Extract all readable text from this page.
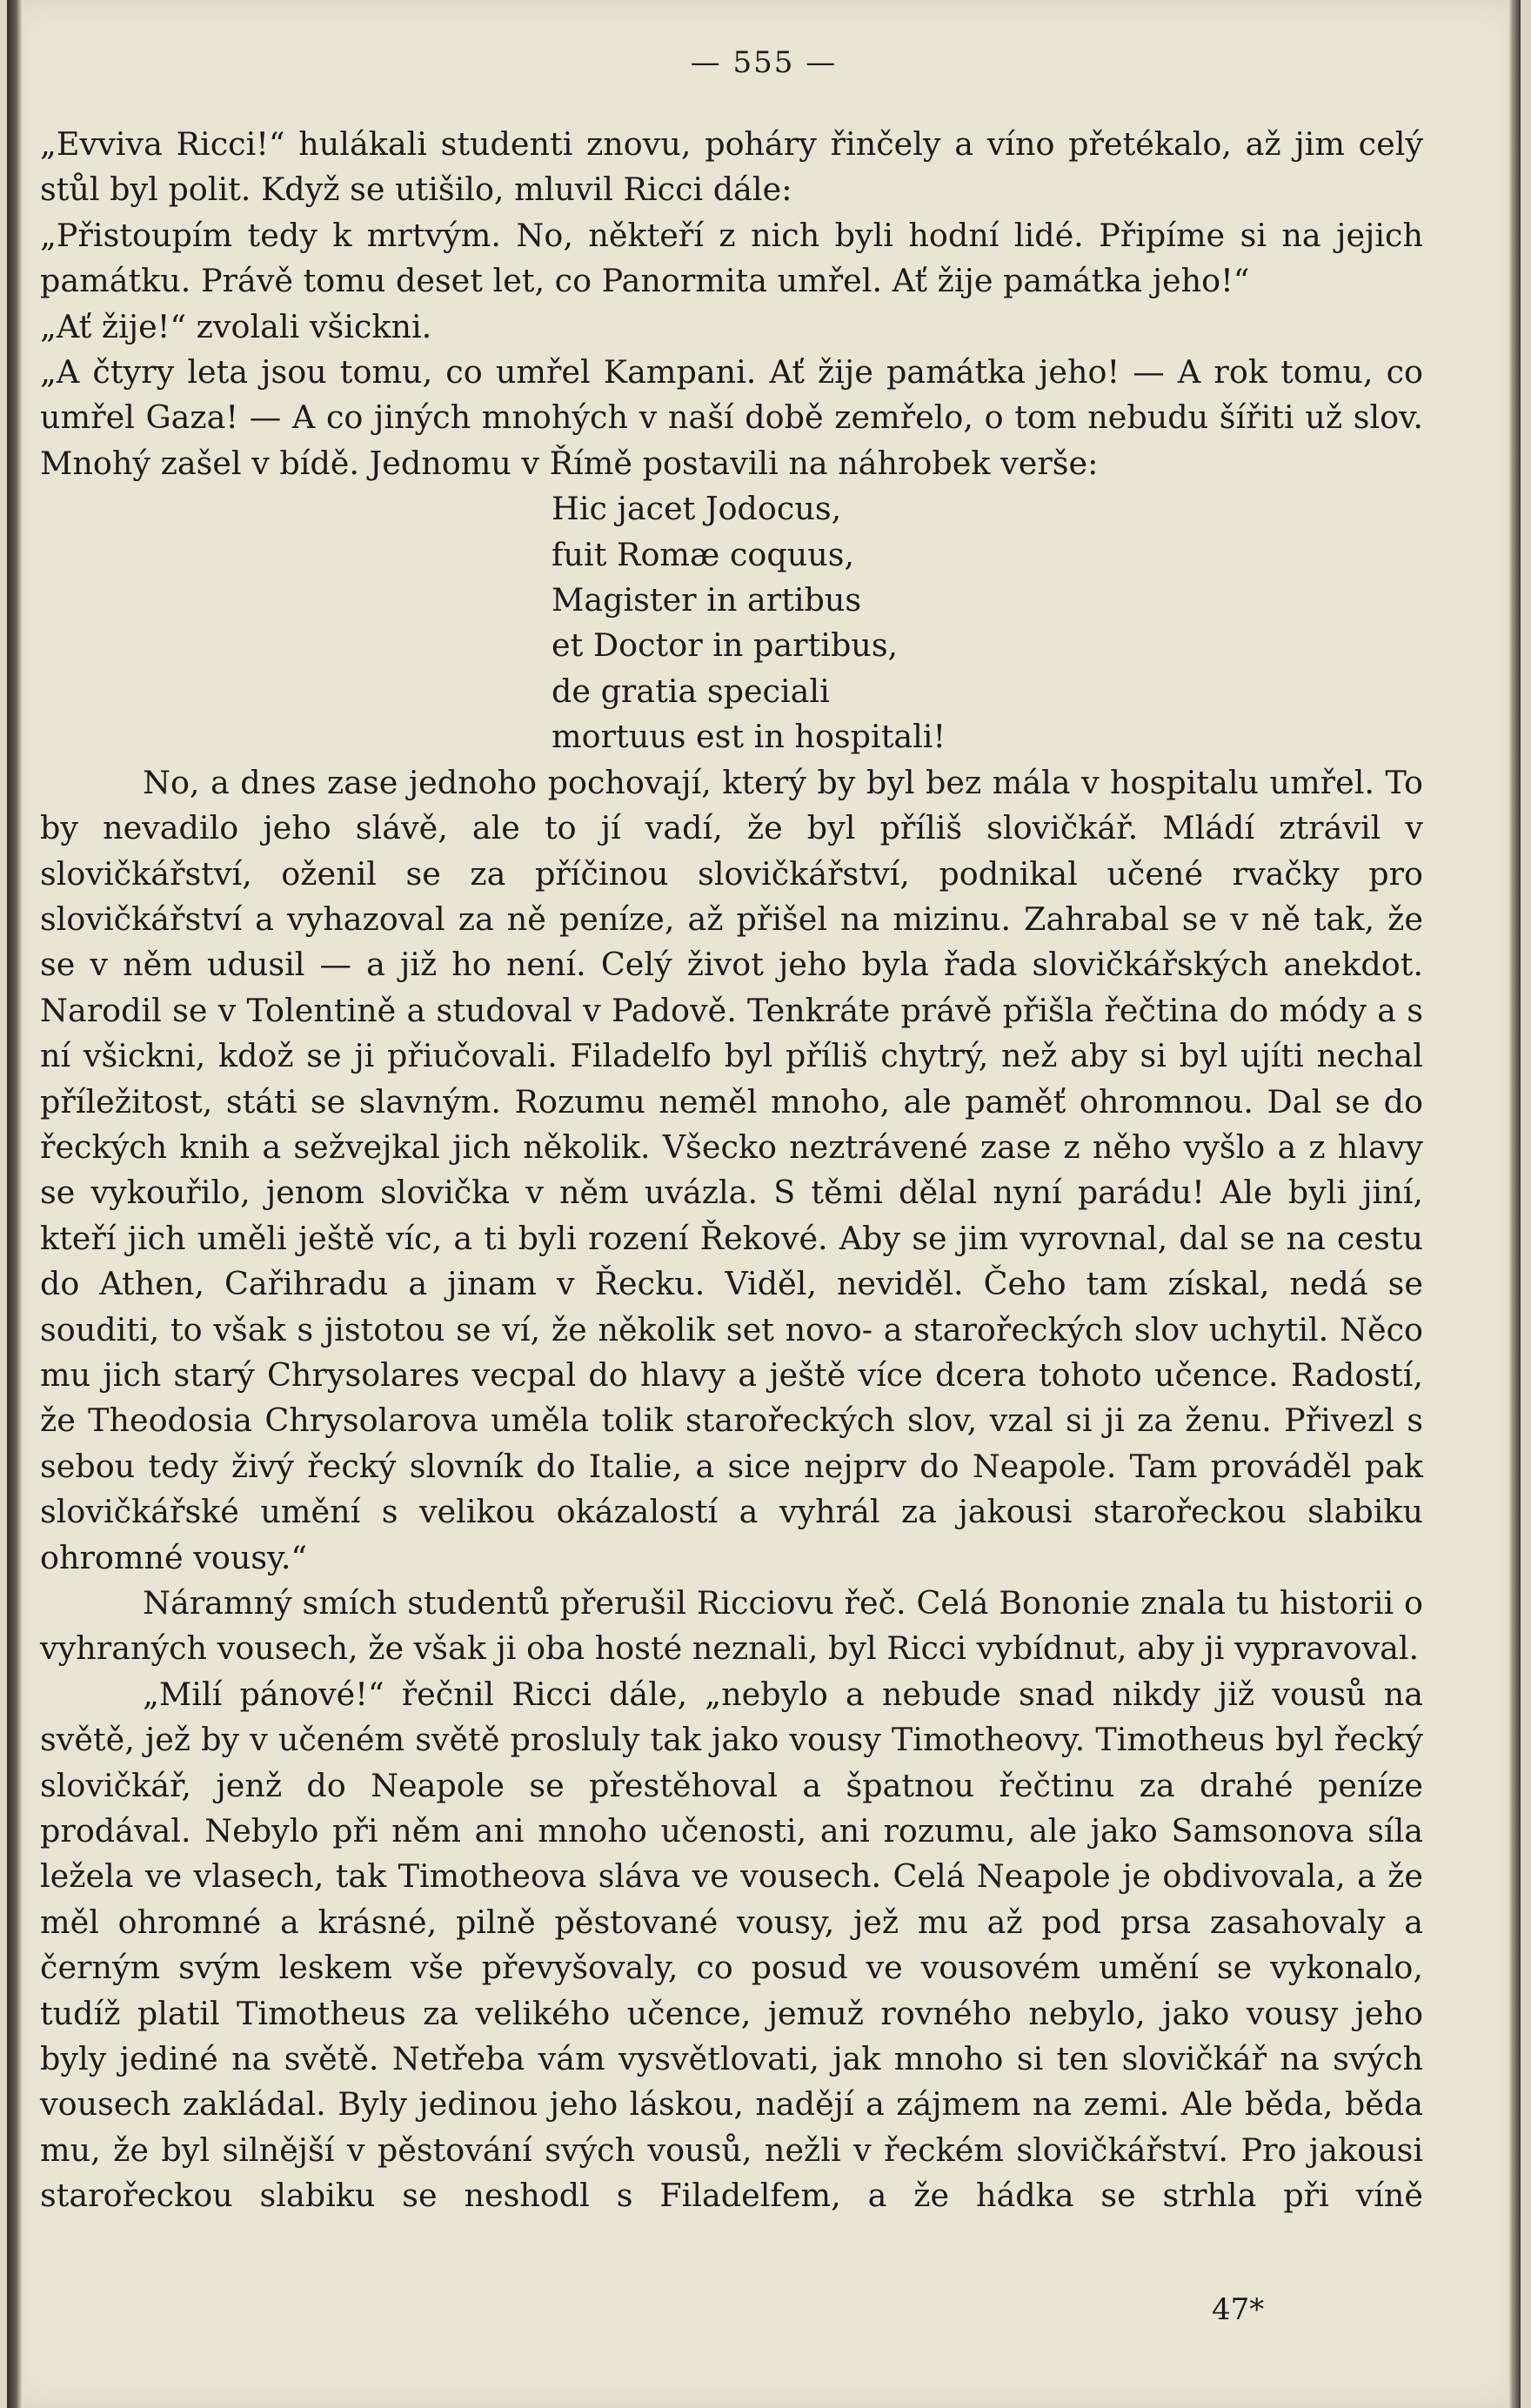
— 555 —

„Evviva Ricci!“ hulákali studenti znovu, poháry řinčely a víno přetékalo, až jim celý stůl byl polit. Když se utišilo, mluvil Ricci dále:

„Přistoupím tedy k mrtvým. No, někteří z nich byli hodní lidé. Připíme si na jejich památku. Právě tomu deset let, co Panormita umřel. Ať žije památka jeho!“

„Ať žije!“ zvolali všickni.

„A čtyry leta jsou tomu, co umřel Kampani. Ať žije památka jeho! — A rok tomu, co umřel Gaza! — A co jiných mnohých v naší době zemřelo, o tom nebudu šířiti už slov. Mnohý zašel v bídě. Jednomu v Římě postavili na náhrobek verše:

Hic jacet Jodocus,
fuit Romæ coquus,
Magister in artibus
et Doctor in partibus,
de gratia speciali
mortuus est in hospitali!

No, a dnes zase jednoho pochovají, který by byl bez mála v hospitalu umřel. To by nevadilo jeho slávě, ale to jí vadí, že byl příliš slovičkář. Mládí ztrávil v slovičkářství, oženil se za příčinou slovičkářství, podnikal učené rvačky pro slovičkářství a vyhazoval za ně peníze, až přišel na mizinu. Zahrabal se v ně tak, že se v něm udusil — a již ho není. Celý život jeho byla řada slovičkářských anekdot. Narodil se v Tolentině a studoval v Padově. Tenkráte právě přišla řečtina do módy a s ní všickni, kdož se ji přiučovali. Filadelfo byl příliš chytrý, než aby si byl ujíti nechal příležitost, státi se slavným. Rozumu neměl mnoho, ale paměť ohromnou. Dal se do řeckých knih a sežvejkal jich několik. Všecko neztrávené zase z něho vyšlo a z hlavy se vykouřilo, jenom slovička v něm uvázla. S těmi dělal nyní parádu! Ale byli jiní, kteří jich uměli ještě víc, a ti byli rození Řekové. Aby se jim vyrovnal, dal se na cestu do Athen, Cařihradu a jinam v Řecku. Viděl, neviděl. Čeho tam získal, nedá se souditi, to však s jistotou se ví, že několik set novo- a starořeckých slov uchytil. Něco mu jich starý Chrysolares vecpal do hlavy a ještě více dcera tohoto učence. Radostí, že Theodosia Chrysolarova uměla tolik starořeckých slov, vzal si ji za ženu. Přivezl s sebou tedy živý řecký slovník do Italie, a sice nejprv do Neapole. Tam prováděl pak slovičkářské umění s velikou okázalostí a vyhrál za jakousi starořeckou slabiku ohromné vousy.“

Náramný smích studentů přerušil Ricciovu řeč. Celá Bononie znala tu historii o vyhraných vousech, že však ji oba hosté neznali, byl Ricci vybídnut, aby ji vypravoval.

„Milí pánové!“ řečnil Ricci dále, „nebylo a nebude snad nikdy již vousů na světě, jež by v učeném světě prosluly tak jako vousy Timotheovy. Timotheus byl řecký slovičkář, jenž do Neapole se přestěhoval a špatnou řečtinu za drahé peníze prodával. Nebylo při něm ani mnoho učenosti, ani rozumu, ale jako Samsonova síla ležela ve vlasech, tak Timotheova sláva ve vousech. Celá Neapole je obdivovala, a že měl ohromné a krásné, pilně pěstované vousy, jež mu až pod prsa zasahovaly a černým svým leskem vše převyšovaly, co posud ve vousovém umění se vykonalo, tudíž platil Timotheus za velikého učence, jemuž rovného nebylo, jako vousy jeho byly jediné na světě. Netřeba vám vysvětlovati, jak mnoho si ten slovičkář na svých vousech zakládal. Byly jedinou jeho láskou, nadějí a zájmem na zemi. Ale běda, běda mu, že byl silnější v pěstování svých vousů, nežli v řeckém slovičkářství. Pro jakousi starořeckou slabiku se neshodl s Filadelfem, a že hádka se strhla při víně

47*
